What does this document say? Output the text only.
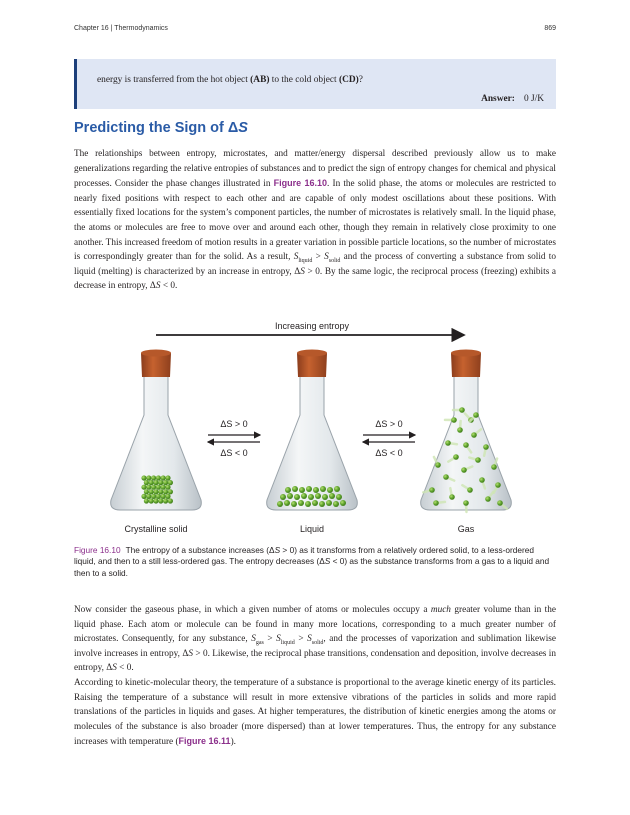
Chapter 16 | Thermodynamics	869
energy is transferred from the hot object (AB) to the cold object (CD)?
Answer: 0 J/K
Predicting the Sign of ΔS

The relationships between entropy, microstates, and matter/energy dispersal described previously allow us to make generalizations regarding the relative entropies of substances and to predict the sign of entropy changes for chemical and physical processes. Consider the phase changes illustrated in Figure 16.10. In the solid phase, the atoms or molecules are restricted to nearly fixed positions with respect to each other and are capable of only modest oscillations about these positions. With essentially fixed locations for the system’s component particles, the number of microstates is relatively small. In the liquid phase, the atoms or molecules are free to move over and around each other, though they remain in relatively close proximity to one another. This increased freedom of motion results in a greater variation in possible particle locations, so the number of microstates is correspondingly greater than for the solid. As a result, $S_{liquid} > S_{solid}$ and the process of converting a substance from solid to liquid (melting) is characterized by an increase in entropy, ΔS > 0. By the same logic, the reciprocal process (freezing) exhibits a decrease in entropy, ΔS < 0.

Increasing entropy
ΔS > 0
ΔS < 0
ΔS > 0
ΔS < 0
Crystalline solid	Liquid	Gas

Figure 16.10 The entropy of a substance increases (ΔS > 0) as it transforms from a relatively ordered solid, to a less-ordered liquid, and then to a still less-ordered gas. The entropy decreases (ΔS < 0) as the substance transforms from a gas to a liquid and then to a solid.

Now consider the gaseous phase, in which a given number of atoms or molecules occupy a much greater volume than in the liquid phase. Each atom or molecule can be found in many more locations, corresponding to a much greater number of microstates. Consequently, for any substance, $S_{gas} > S_{liquid} > S_{solid}$, and the processes of vaporization and sublimation likewise involve increases in entropy, ΔS > 0. Likewise, the reciprocal phase transitions, condensation and deposition, involve decreases in entropy, ΔS < 0.

According to kinetic-molecular theory, the temperature of a substance is proportional to the average kinetic energy of its particles. Raising the temperature of a substance will result in more extensive vibrations of the particles in solids and more rapid translations of the particles in liquids and gases. At higher temperatures, the distribution of kinetic energies among the atoms or molecules of the substance is also broader (more dispersed) than at lower temperatures. Thus, the entropy for any substance increases with temperature (Figure 16.11).
